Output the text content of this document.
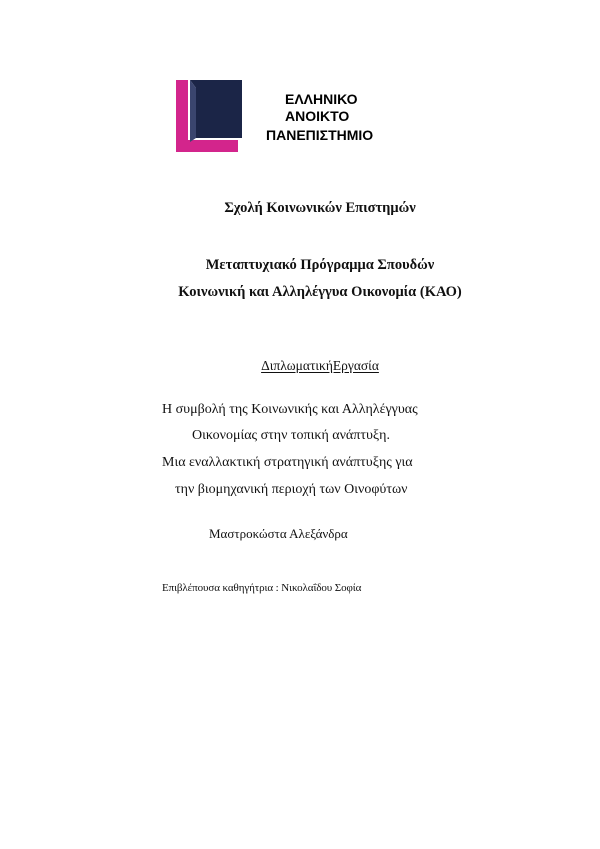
ΕΛΛΗΝΙΚΟ
ΑΝΟΙΚΤΟ
ΠΑΝΕΠΙΣΤΗΜΙΟ
Σχολή Κοινωνικών Επιστημών
Μεταπτυχιακό Πρόγραμμα Σπουδών
Κοινωνική και Αλληλέγγυα Οικονομία (ΚΑΟ)
ΔιπλωματικήΕργασία
Η συμβολή της Κοινωνικής και Αλληλέγγυας
Οικονομίας στην τοπική ανάπτυξη.
Μια εναλλακτική στρατηγική ανάπτυξης για
την βιομηχανική περιοχή των Οινοφύτων
Μαστροκώστα Αλεξάνδρα
Επιβλέπουσα καθηγήτρια : Νικολαΐδου Σοφία
